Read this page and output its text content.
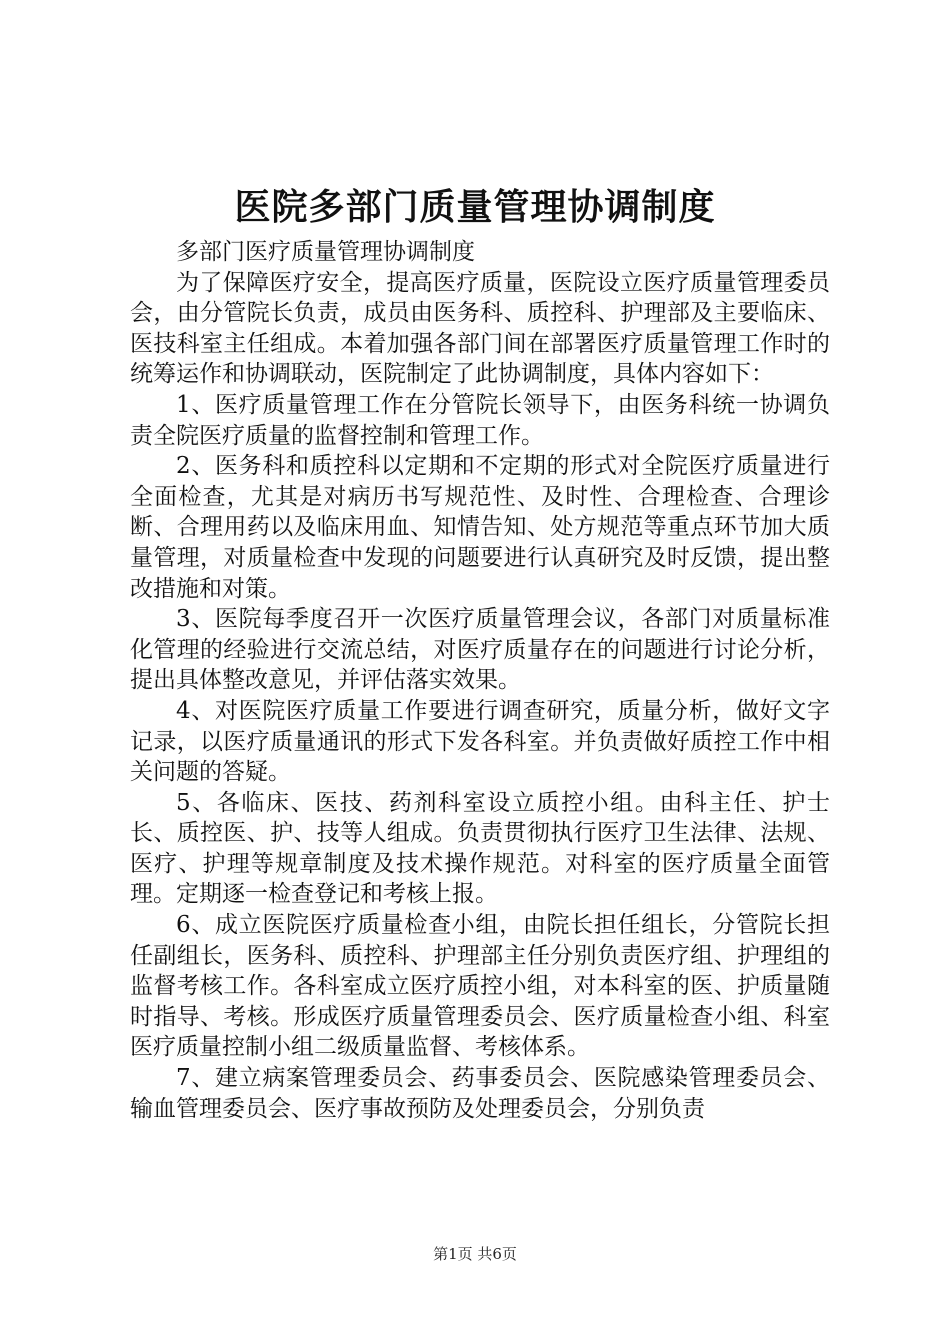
医院多部门质量管理协调制度

多部门医疗质量管理协调制度

为了保障医疗安全，提高医疗质量，医院设立医疗质量管理委员会，由分管院长负责，成员由医务科、质控科、护理部及主要临床、医技科室主任组成。本着加强各部门间在部署医疗质量管理工作时的统筹运作和协调联动，医院制定了此协调制度，具体内容如下：

1、医疗质量管理工作在分管院长领导下，由医务科统一协调负责全院医疗质量的监督控制和管理工作。

2、医务科和质控科以定期和不定期的形式对全院医疗质量进行全面检查，尤其是对病历书写规范性、及时性、合理检查、合理诊断、合理用药以及临床用血、知情告知、处方规范等重点环节加大质量管理，对质量检查中发现的问题要进行认真研究及时反馈，提出整改措施和对策。

3、医院每季度召开一次医疗质量管理会议，各部门对质量标准化管理的经验进行交流总结，对医疗质量存在的问题进行讨论分析，提出具体整改意见，并评估落实效果。

4、对医院医疗质量工作要进行调查研究，质量分析，做好文字记录，以医疗质量通讯的形式下发各科室。并负责做好质控工作中相关问题的答疑。

5、各临床、医技、药剂科室设立质控小组。由科主任、护士长、质控医、护、技等人组成。负责贯彻执行医疗卫生法律、法规、医疗、护理等规章制度及技术操作规范。对科室的医疗质量全面管理。定期逐一检查登记和考核上报。

6、成立医院医疗质量检查小组，由院长担任组长，分管院长担任副组长，医务科、质控科、护理部主任分别负责医疗组、护理组的监督考核工作。各科室成立医疗质控小组，对本科室的医、护质量随时指导、考核。形成医疗质量管理委员会、医疗质量检查小组、科室医疗质量控制小组二级质量监督、考核体系。

7、建立病案管理委员会、药事委员会、医院感染管理委员会、输血管理委员会、医疗事故预防及处理委员会，分别负责

第1页 共6页
